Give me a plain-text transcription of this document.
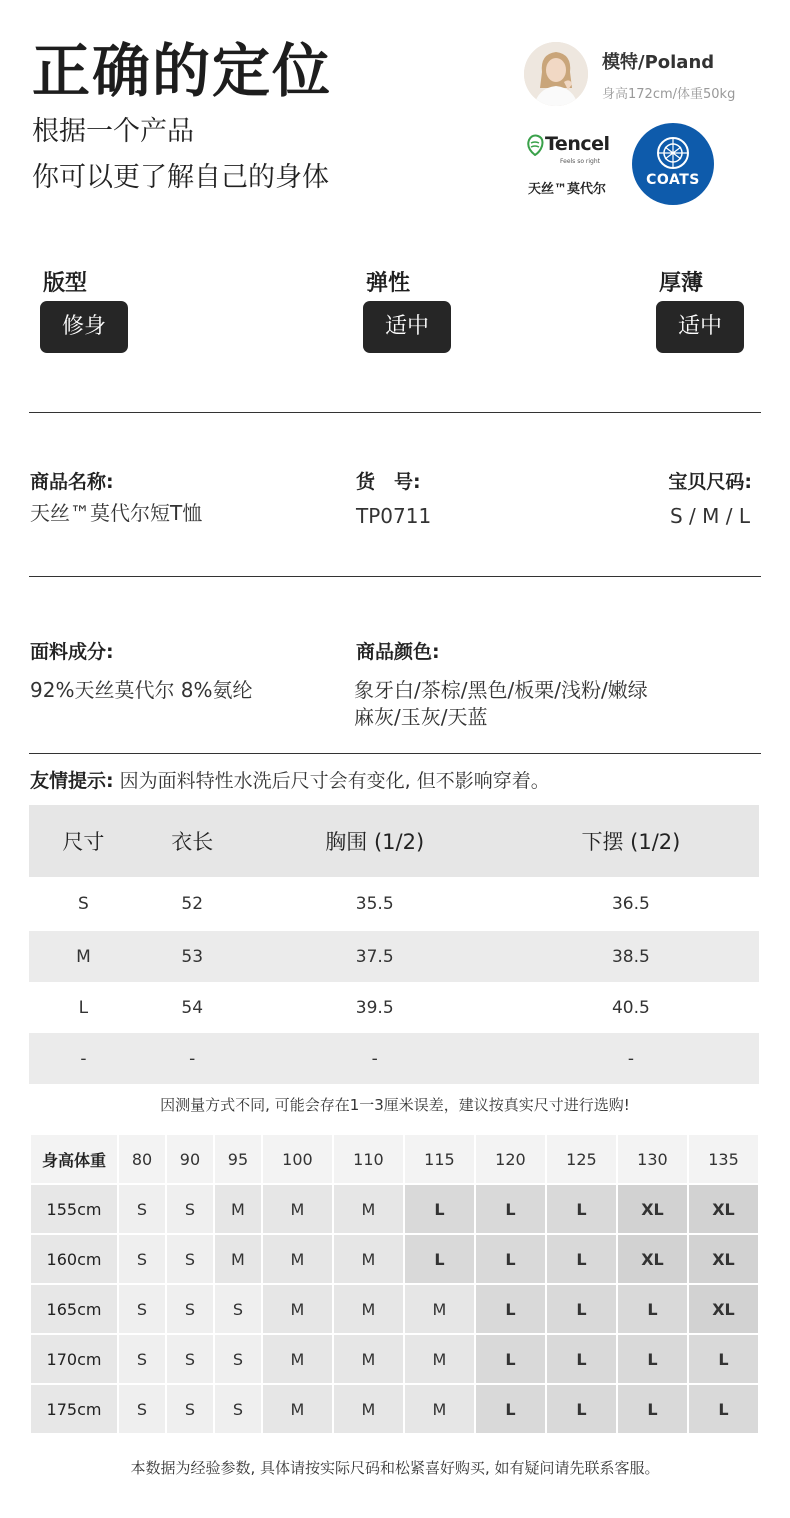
正确的定位
根据一个产品
你可以更了解自己的身体
模特/Poland
身高172cm/体重50kg
Tencel
Feels so right
天丝™莫代尔
COATS
版型
修身
弹性
适中
厚薄
适中
商品名称:
天丝™莫代尔短T恤
货　号:
TP0711
宝贝尺码:
S / M / L
面料成分:
92%天丝莫代尔 8%氨纶
商品颜色:
象牙白/茶棕/黑色/板栗/浅粉/嫩绿
麻灰/玉灰/天蓝
友情提示: 因为面料特性水洗后尺寸会有变化, 但不影响穿着。
尺寸	衣长	胸围 (1/2)	下摆 (1/2)
S	52	35.5	36.5
M	53	37.5	38.5
L	54	39.5	40.5
-	-	-	-
因测量方式不同, 可能会存在1一3厘米误差，建议按真实尺寸进行选购!
身高体重	80	90	95	100	110	115	120	125	130	135
155cm	S	S	M	M	M	L	L	L	XL	XL
160cm	S	S	M	M	M	L	L	L	XL	XL
165cm	S	S	S	M	M	M	L	L	L	XL
170cm	S	S	S	M	M	M	L	L	L	L
175cm	S	S	S	M	M	M	L	L	L	L
本数据为经验参数, 具体请按实际尺码和松紧喜好购买, 如有疑问请先联系客服。
